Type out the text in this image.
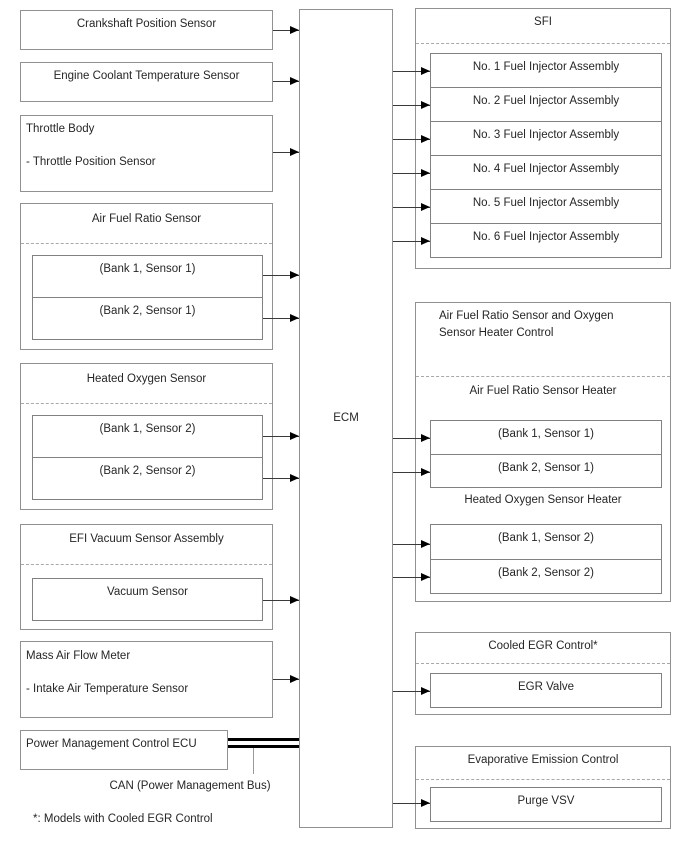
Crankshaft Position Sensor
Engine Coolant Temperature Sensor
Throttle Body
- Throttle Position Sensor
Air Fuel Ratio Sensor
(Bank 1, Sensor 1)
(Bank 2, Sensor 1)
Heated Oxygen Sensor
(Bank 1, Sensor 2)
(Bank 2, Sensor 2)
EFI Vacuum Sensor Assembly
Vacuum Sensor
Mass Air Flow Meter
- Intake Air Temperature Sensor
Power Management Control ECU
ECM
SFI
No. 1 Fuel Injector Assembly
No. 2 Fuel Injector Assembly
No. 3 Fuel Injector Assembly
No. 4 Fuel Injector Assembly
No. 5 Fuel Injector Assembly
No. 6 Fuel Injector Assembly
Air Fuel Ratio Sensor and Oxygen Sensor Heater Control
Air Fuel Ratio Sensor Heater
(Bank 1, Sensor 1)
(Bank 2, Sensor 1)
Heated Oxygen Sensor Heater
(Bank 1, Sensor 2)
(Bank 2, Sensor 2)
Cooled EGR Control*
EGR Valve
Evaporative Emission Control
Purge VSV
CAN (Power Management Bus)
*: Models with Cooled EGR Control
